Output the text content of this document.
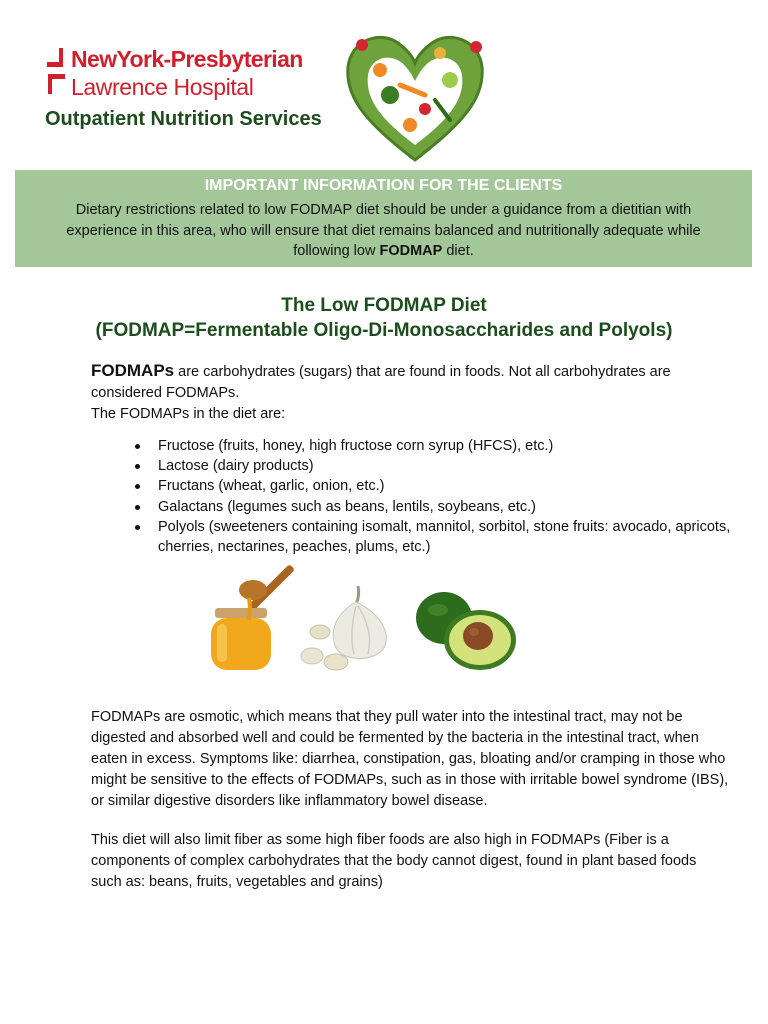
NewYork-Presbyterian
Lawrence Hospital
Outpatient Nutrition Services
IMPORTANT INFORMATION FOR THE CLIENTS
Dietary restrictions related to low FODMAP diet should be under a guidance from a dietitian with experience in this area, who will ensure that diet remains balanced and nutritionally adequate while following low FODMAP diet.
The Low FODMAP Diet
(FODMAP=Fermentable Oligo-Di-Monosaccharides and Polyols)
FODMAPs are carbohydrates (sugars) that are found in foods. Not all carbohydrates are considered FODMAPs.
The FODMAPs in the diet are:
Fructose (fruits, honey, high fructose corn syrup (HFCS), etc.)
Lactose (dairy products)
Fructans (wheat, garlic, onion, etc.)
Galactans (legumes such as beans, lentils, soybeans, etc.)
Polyols (sweeteners containing isomalt, mannitol, sorbitol, stone fruits: avocado, apricots, cherries, nectarines, peaches, plums, etc.)
FODMAPs are osmotic, which means that they pull water into the intestinal tract, may not be digested and absorbed well and could be fermented by the bacteria in the intestinal tract, when eaten in excess. Symptoms like: diarrhea, constipation, gas, bloating and/or cramping in those who might be sensitive to the effects of FODMAPs, such as in those with irritable bowel syndrome (IBS), or similar digestive disorders like inflammatory bowel disease.
This diet will also limit fiber as some high fiber foods are also high in FODMAPs (Fiber is a components of complex carbohydrates that the body cannot digest, found in plant based foods such as: beans, fruits, vegetables and grains)
